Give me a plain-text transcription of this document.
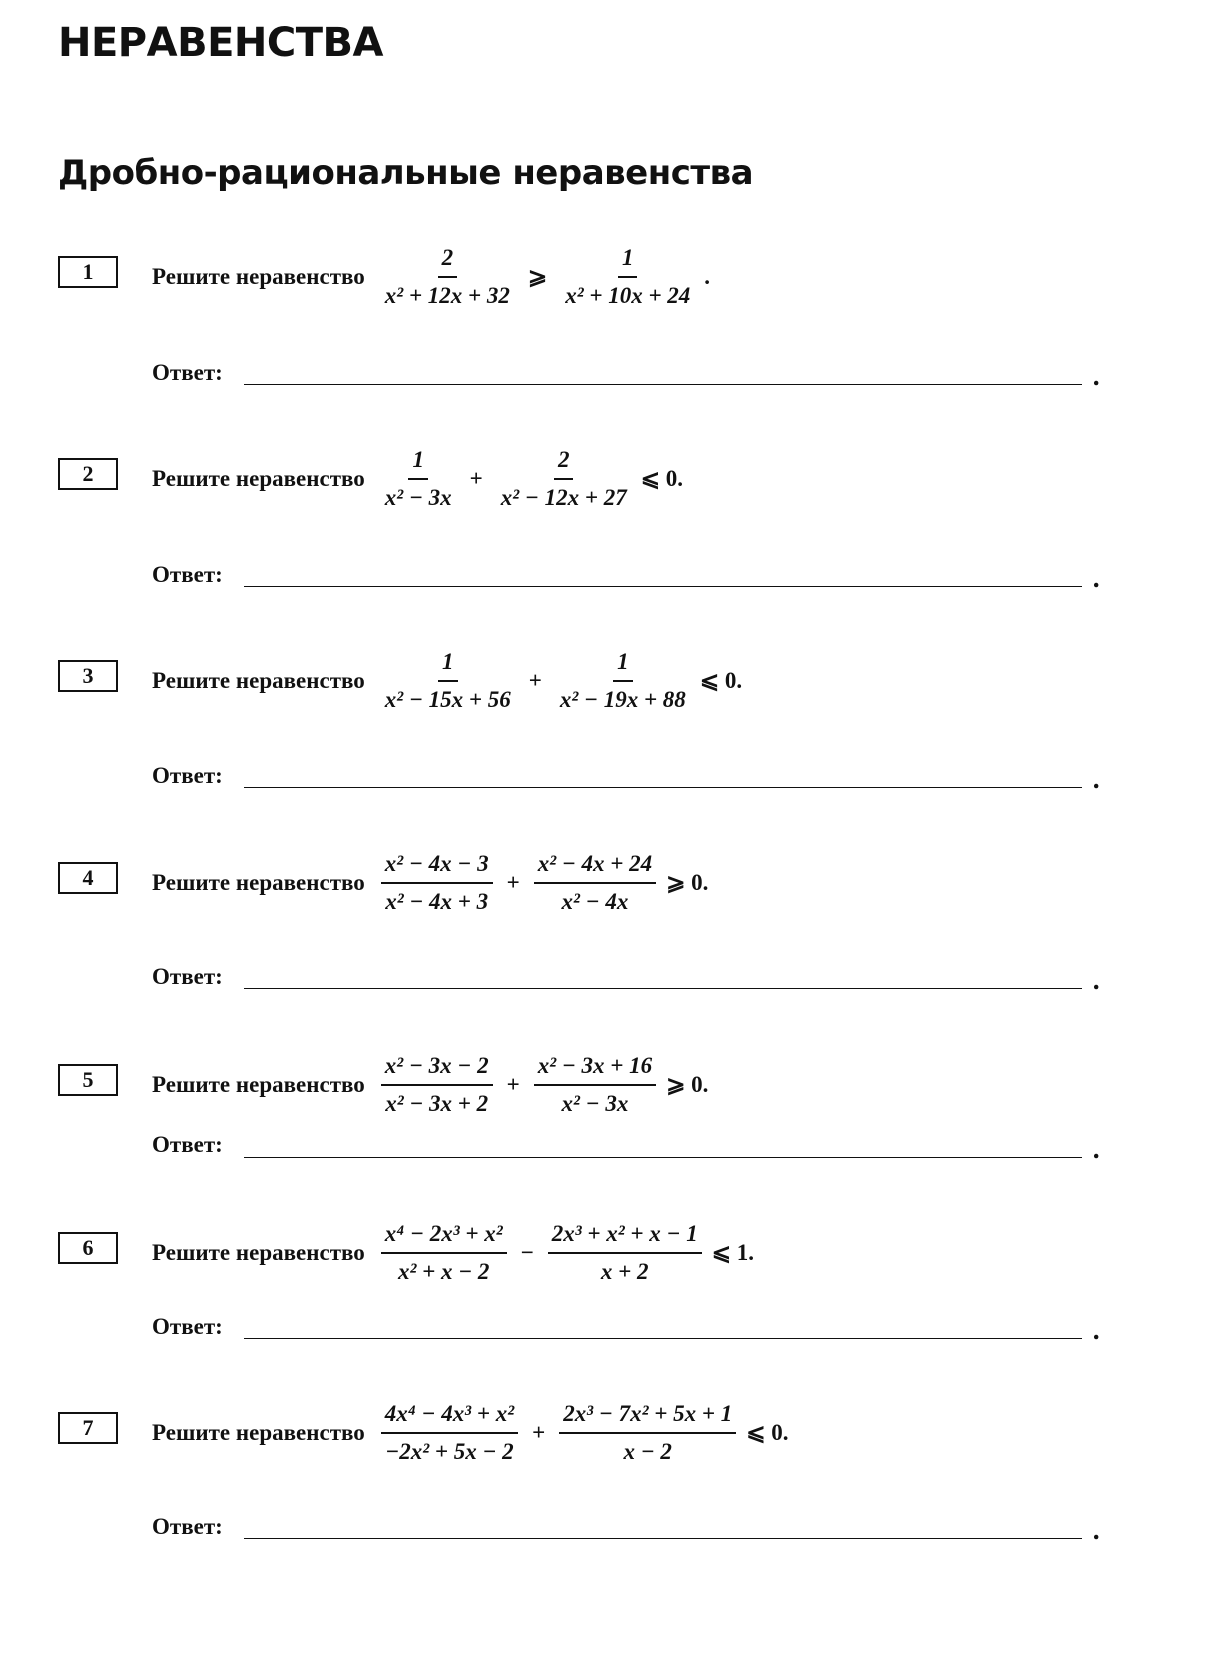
НЕРАВЕНСТВА
Дробно-рациональные неравенства
1	Решите неравенство $\frac{2}{\text{x² + 12x + 32}}$ ⩾ $\frac{1}{\text{x² + 10x + 24}}$ .
Ответ:	.
2	Решите неравенство $\frac{1}{\text{x² − 3x}} + \frac{2}{\text{x² − 12x + 27}}$ ⩽ 0.
Ответ:	.
3	Решите неравенство $\frac{1}{\text{x² − 15x + 56}} + \frac{1}{\text{x² − 19x + 88}}$ ⩽ 0.
Ответ:	.
4	Решите неравенство $\frac{\text{x² − 4x − 3}}{\text{x² − 4x + 3}} + \frac{\text{x² − 4x + 24}}{\text{x² − 4x}}$ ⩾ 0.
Ответ:	.
5	Решите неравенство $\frac{\text{x² − 3x − 2}}{\text{x² − 3x + 2}} + \frac{\text{x² − 3x + 16}}{\text{x² − 3x}}$ ⩾ 0.
Ответ:	.
6	Решите неравенство $\frac{\text{x⁴ − 2x³ + x²}}{\text{x² + x − 2}} - \frac{\text{2x³ + x² + x − 1}}{x + 2}$ ⩽ 1.
Ответ:	.
7	Решите неравенство $\frac{\text{4x⁴ − 4x³ + x²}}{\text{−2x² + 5x − 2}} + \frac{\text{2x³ − 7x² + 5x + 1}}{x - 2}$ ⩽ 0.
Ответ:	.
